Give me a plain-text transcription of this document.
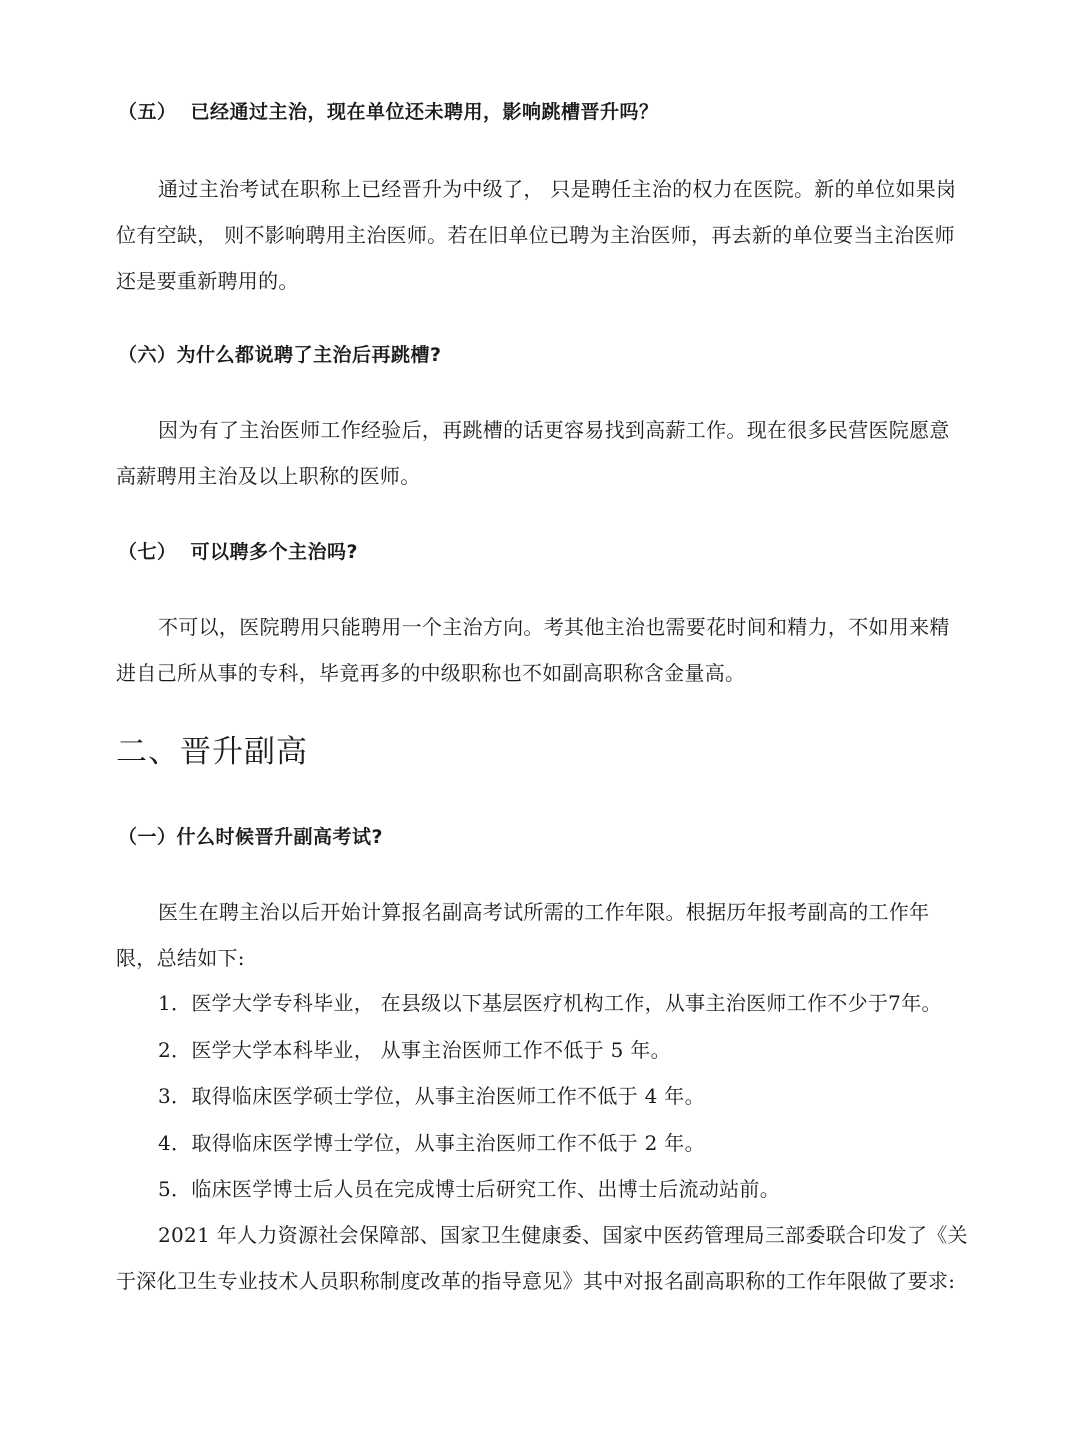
（五） 已经通过主治，现在单位还未聘用，影响跳槽晋升吗？

通过主治考试在职称上已经晋升为中级了， 只是聘任主治的权力在医院。新的单位如果岗位有空缺， 则不影响聘用主治医师。若在旧单位已聘为主治医师，再去新的单位要当主治医师还是要重新聘用的。

（六）为什么都说聘了主治后再跳槽?

因为有了主治医师工作经验后，再跳槽的话更容易找到高薪工作。现在很多民营医院愿意高薪聘用主治及以上职称的医师。

（七） 可以聘多个主治吗?

不可以，医院聘用只能聘用一个主治方向。考其他主治也需要花时间和精力，不如用来精进自己所从事的专科，毕竟再多的中级职称也不如副高职称含金量高。

二、晋升副高
（一）什么时候晋升副高考试?

医生在聘主治以后开始计算报名副高考试所需的工作年限。根据历年报考副高的工作年限，总结如下:

1．医学大学专科毕业， 在县级以下基层医疗机构工作，从事主治医师工作不少于7年。
2．医学大学本科毕业， 从事主治医师工作不低于 5 年。
3．取得临床医学硕士学位，从事主治医师工作不低于 4 年。
4．取得临床医学博士学位，从事主治医师工作不低于 2 年。
5．临床医学博士后人员在完成博士后研究工作、出博士后流动站前。

2021 年人力资源社会保障部、国家卫生健康委、国家中医药管理局三部委联合印发了《关于深化卫生专业技术人员职称制度改革的指导意见》其中对报名副高职称的工作年限做了要求:
